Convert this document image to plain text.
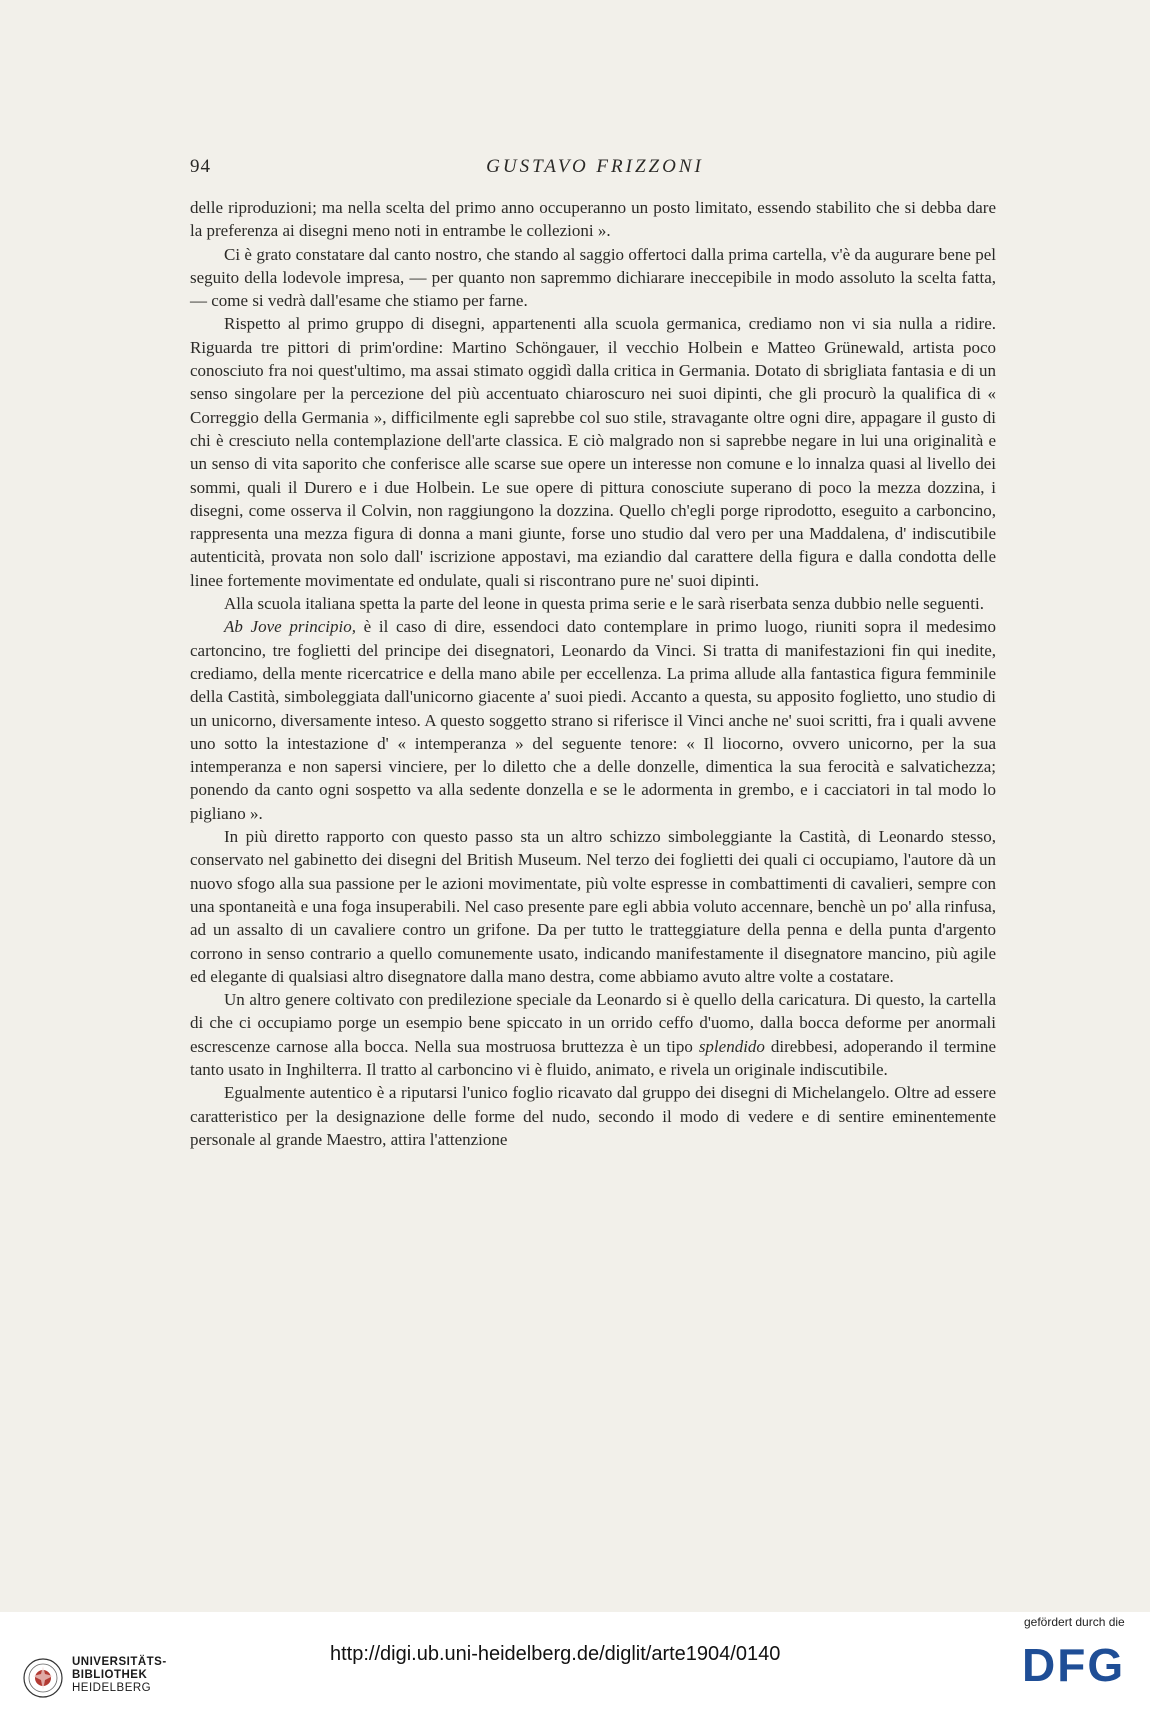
94	GUSTAVO FRIZZONI

delle riproduzioni; ma nella scelta del primo anno occuperanno un posto limitato, essendo stabilito che si debba dare la preferenza ai disegni meno noti in entrambe le collezioni ».

Ci è grato constatare dal canto nostro, che stando al saggio offertoci dalla prima cartella, v'è da augurare bene pel seguito della lodevole impresa, — per quanto non sapremmo dichiarare ineccepibile in modo assoluto la scelta fatta, — come si vedrà dall'esame che stiamo per farne.

Rispetto al primo gruppo di disegni, appartenenti alla scuola germanica, crediamo non vi sia nulla a ridire. Riguarda tre pittori di prim'ordine: Martino Schöngauer, il vecchio Holbein e Matteo Grünewald, artista poco conosciuto fra noi quest'ultimo, ma assai stimato oggidì dalla critica in Germania. Dotato di sbrigliata fantasia e di un senso singolare per la percezione del più accentuato chiaroscuro nei suoi dipinti, che gli procurò la qualifica di « Correggio della Germania », difficilmente egli saprebbe col suo stile, stravagante oltre ogni dire, appagare il gusto di chi è cresciuto nella contemplazione dell'arte classica. E ciò malgrado non si saprebbe negare in lui una originalità e un senso di vita saporito che conferisce alle scarse sue opere un interesse non comune e lo innalza quasi al livello dei sommi, quali il Durero e i due Holbein. Le sue opere di pittura conosciute superano di poco la mezza dozzina, i disegni, come osserva il Colvin, non raggiungono la dozzina. Quello ch'egli porge riprodotto, eseguito a carboncino, rappresenta una mezza figura di donna a mani giunte, forse uno studio dal vero per una Maddalena, d' indiscutibile autenticità, provata non solo dall' iscrizione appostavi, ma eziandio dal carattere della figura e dalla condotta delle linee fortemente movimentate ed ondulate, quali si riscontrano pure ne' suoi dipinti.

Alla scuola italiana spetta la parte del leone in questa prima serie e le sarà riserbata senza dubbio nelle seguenti.

Ab Jove principio, è il caso di dire, essendoci dato contemplare in primo luogo, riuniti sopra il medesimo cartoncino, tre foglietti del principe dei disegnatori, Leonardo da Vinci. Si tratta di manifestazioni fin qui inedite, crediamo, della mente ricercatrice e della mano abile per eccellenza. La prima allude alla fantastica figura femminile della Castità, simboleggiata dall'unicorno giacente a' suoi piedi. Accanto a questa, su apposito foglietto, uno studio di un unicorno, diversamente inteso. A questo soggetto strano si riferisce il Vinci anche ne' suoi scritti, fra i quali avvene uno sotto la intestazione d' « intemperanza » del seguente tenore: « Il liocorno, ovvero unicorno, per la sua intemperanza e non sapersi vinciere, per lo diletto che a delle donzelle, dimentica la sua ferocità e salvatichezza; ponendo da canto ogni sospetto va alla sedente donzella e se le adormenta in grembo, e i cacciatori in tal modo lo pigliano ».

In più diretto rapporto con questo passo sta un altro schizzo simboleggiante la Castità, di Leonardo stesso, conservato nel gabinetto dei disegni del British Museum. Nel terzo dei foglietti dei quali ci occupiamo, l'autore dà un nuovo sfogo alla sua passione per le azioni movimentate, più volte espresse in combattimenti di cavalieri, sempre con una spontaneità e una foga insuperabili. Nel caso presente pare egli abbia voluto accennare, benchè un po' alla rinfusa, ad un assalto di un cavaliere contro un grifone. Da per tutto le tratteggiature della penna e della punta d'argento corrono in senso contrario a quello comunemente usato, indicando manifestamente il disegnatore mancino, più agile ed elegante di qualsiasi altro disegnatore dalla mano destra, come abbiamo avuto altre volte a costatare.

Un altro genere coltivato con predilezione speciale da Leonardo si è quello della caricatura. Di questo, la cartella di che ci occupiamo porge un esempio bene spiccato in un orrido ceffo d'uomo, dalla bocca deforme per anormali escrescenze carnose alla bocca. Nella sua mostruosa bruttezza è un tipo splendido direbbesi, adoperando il termine tanto usato in Inghilterra. Il tratto al carboncino vi è fluido, animato, e rivela un originale indiscutibile.

Egualmente autentico è a riputarsi l'unico foglio ricavato dal gruppo dei disegni di Michelangelo. Oltre ad essere caratteristico per la designazione delle forme del nudo, secondo il modo di vedere e di sentire eminentemente personale al grande Maestro, attira l'attenzione

UNIVERSITÄTS-
BIBLIOTHEK
HEIDELBERG
http://digi.ub.uni-heidelberg.de/diglit/arte1904/0140
gefördert durch die
DFG
